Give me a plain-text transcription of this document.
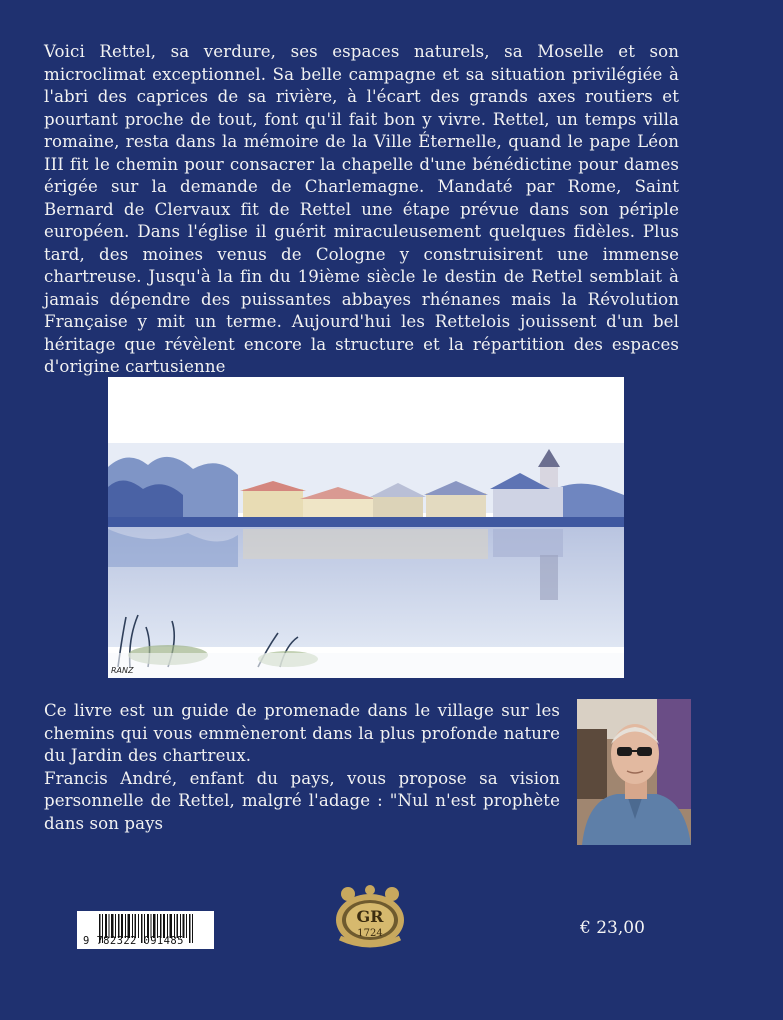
Voici Rettel, sa verdure, ses espaces naturels, sa Moselle et son microclimat exceptionnel. Sa belle campagne et sa situation privilégiée à l'abri des caprices de sa rivière, à l'écart des grands axes routiers et pourtant proche de tout, font qu'il fait bon y vivre. Rettel, un temps villa romaine, resta dans la mémoire de la Ville Éternelle, quand le pape Léon III fit le chemin pour consacrer la chapelle d'une bénédictine pour dames érigée sur la demande de Charlemagne. Mandaté par Rome, Saint Bernard de Clervaux fit de Rettel une étape prévue dans son périple européen. Dans l'église il guérit miraculeusement quelques fidèles. Plus tard, des moines venus de Cologne y construisirent une immense chartreuse. Jusqu'à la fin du 19ième siècle le destin de Rettel semblait à jamais dépendre des puissantes abbayes rhénanes mais la Révolution Française y mit un terme. Aujourd'hui les Rettelois jouissent d'un bel héritage que révèlent encore la structure et la répartition des espaces d'origine cartusienne
RANZ

Ce livre est un guide de promenade dans le village sur les chemins qui vous emmèneront dans la plus profonde nature du Jardin des chartreux.

Francis André, enfant du pays, vous propose sa vision personnelle de Rettel, malgré l'adage : "Nul n'est prophète dans son pays

9 782322 091485
GR
1724	€ 23,00
